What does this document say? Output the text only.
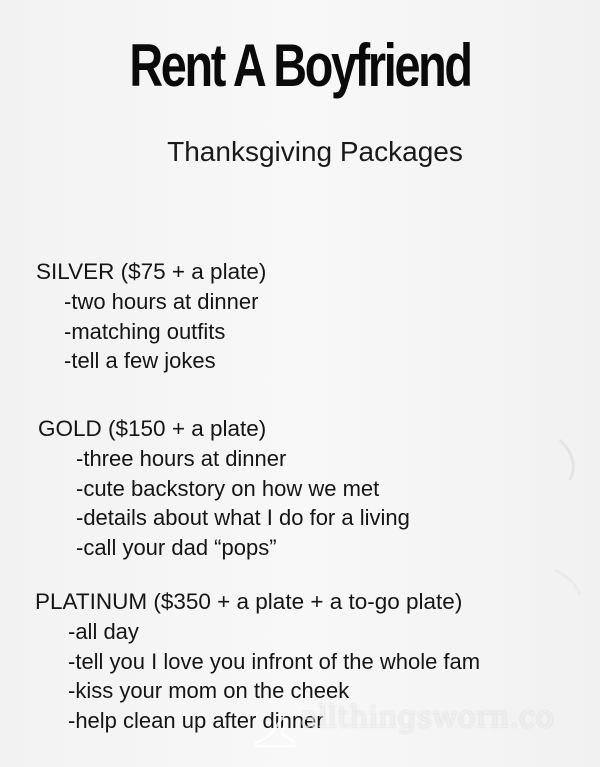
Rent A Boyfriend
Thanksgiving Packages
SILVER ($75 + a plate)
-two hours at dinner
-matching outfits
-tell a few jokes
GOLD ($150 + a plate)
-three hours at dinner
-cute backstory on how we met
-details about what I do for a living
-call your dad “pops”
PLATINUM ($350 + a plate + a to-go plate)
-all day
-tell you I love you infront of the whole fam
-kiss your mom on the cheek
-help clean up after dinner
allthingsworn.co
